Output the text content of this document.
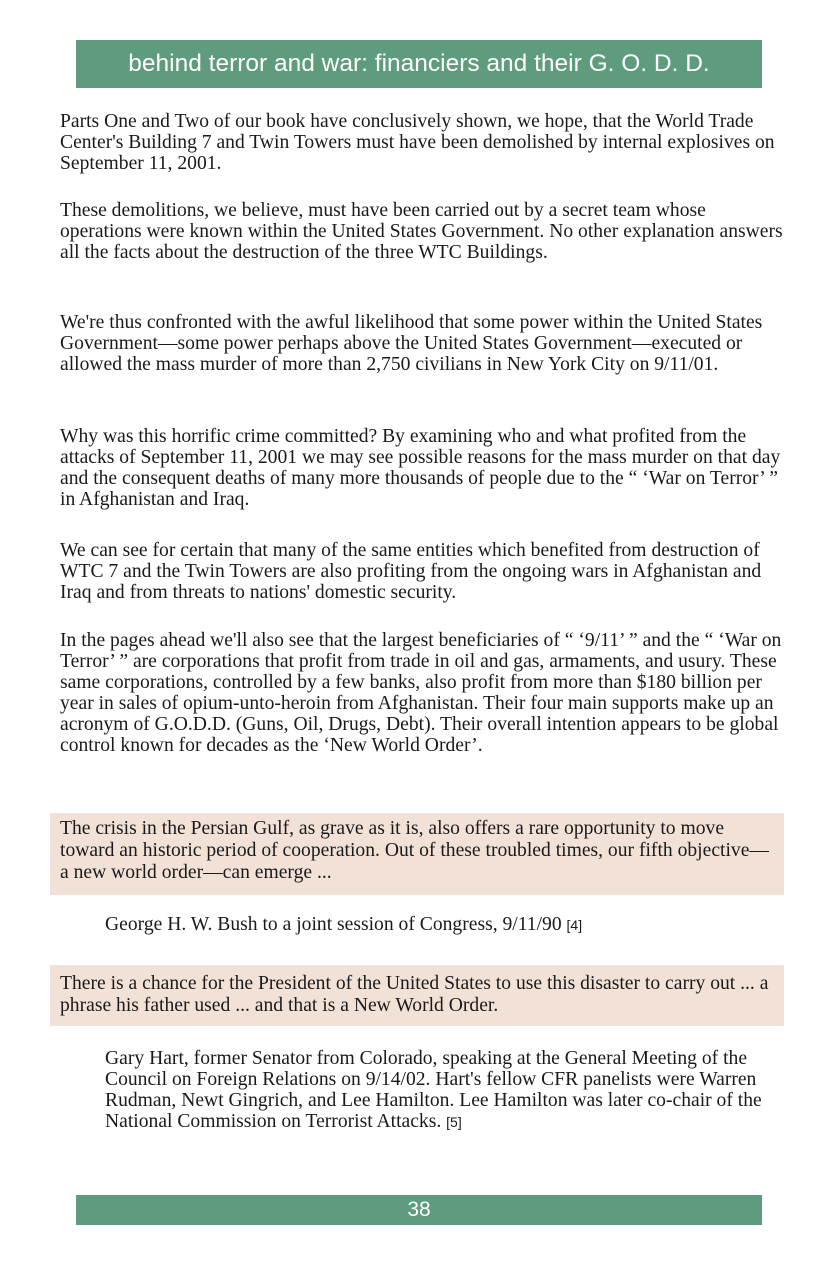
behind terror and war: financiers and their G. O. D. D.

Parts One and Two of our book have conclusively shown, we hope, that the World Trade Center's Building 7 and Twin Towers must have been demolished by internal explosives on September 11, 2001.

These demolitions, we believe, must have been carried out by a secret team whose operations were known within the United States Government. No other explanation answers all the facts about the destruction of the three WTC Buildings.

We're thus confronted with the awful likelihood that some power within the United States Government—some power perhaps above the United States Government—executed or allowed the mass murder of more than 2,750 civilians in New York City on 9/11/01.

Why was this horrific crime committed? By examining who and what profited from the attacks of September 11, 2001 we may see possible reasons for the mass murder on that day and the consequent deaths of many more thousands of people due to the “ ‘War on Terror’ ” in Afghanistan and Iraq.

We can see for certain that many of the same entities which benefited from destruction of WTC 7 and the Twin Towers are also profiting from the ongoing wars in Afghanistan and Iraq and from threats to nations' domestic security.

In the pages ahead we'll also see that the largest beneficiaries of “ ‘9/11’ ” and the “ ‘War on Terror’ ” are corporations that profit from trade in oil and gas, armaments, and usury. These same corporations, controlled by a few banks, also profit from more than $180 billion per year in sales of opium-unto-heroin from Afghanistan. Their four main supports make up an acronym of G.O.D.D. (Guns, Oil, Drugs, Debt). Their overall intention appears to be global control known for decades as the ‘New World Order’.

The crisis in the Persian Gulf, as grave as it is, also offers a rare opportunity to move toward an historic period of cooperation. Out of these troubled times, our fifth objective—a new world order—can emerge ...

George H. W. Bush to a joint session of Congress, 9/11/90 [4]

There is a chance for the President of the United States to use this disaster to carry out ... a phrase his father used ... and that is a New World Order.

Gary Hart, former Senator from Colorado, speaking at the General Meeting of the Council on Foreign Relations on 9/14/02. Hart's fellow CFR panelists were Warren Rudman, Newt Gingrich, and Lee Hamilton. Lee Hamilton was later co-chair of the National Commission on Terrorist Attacks. [5]

38
